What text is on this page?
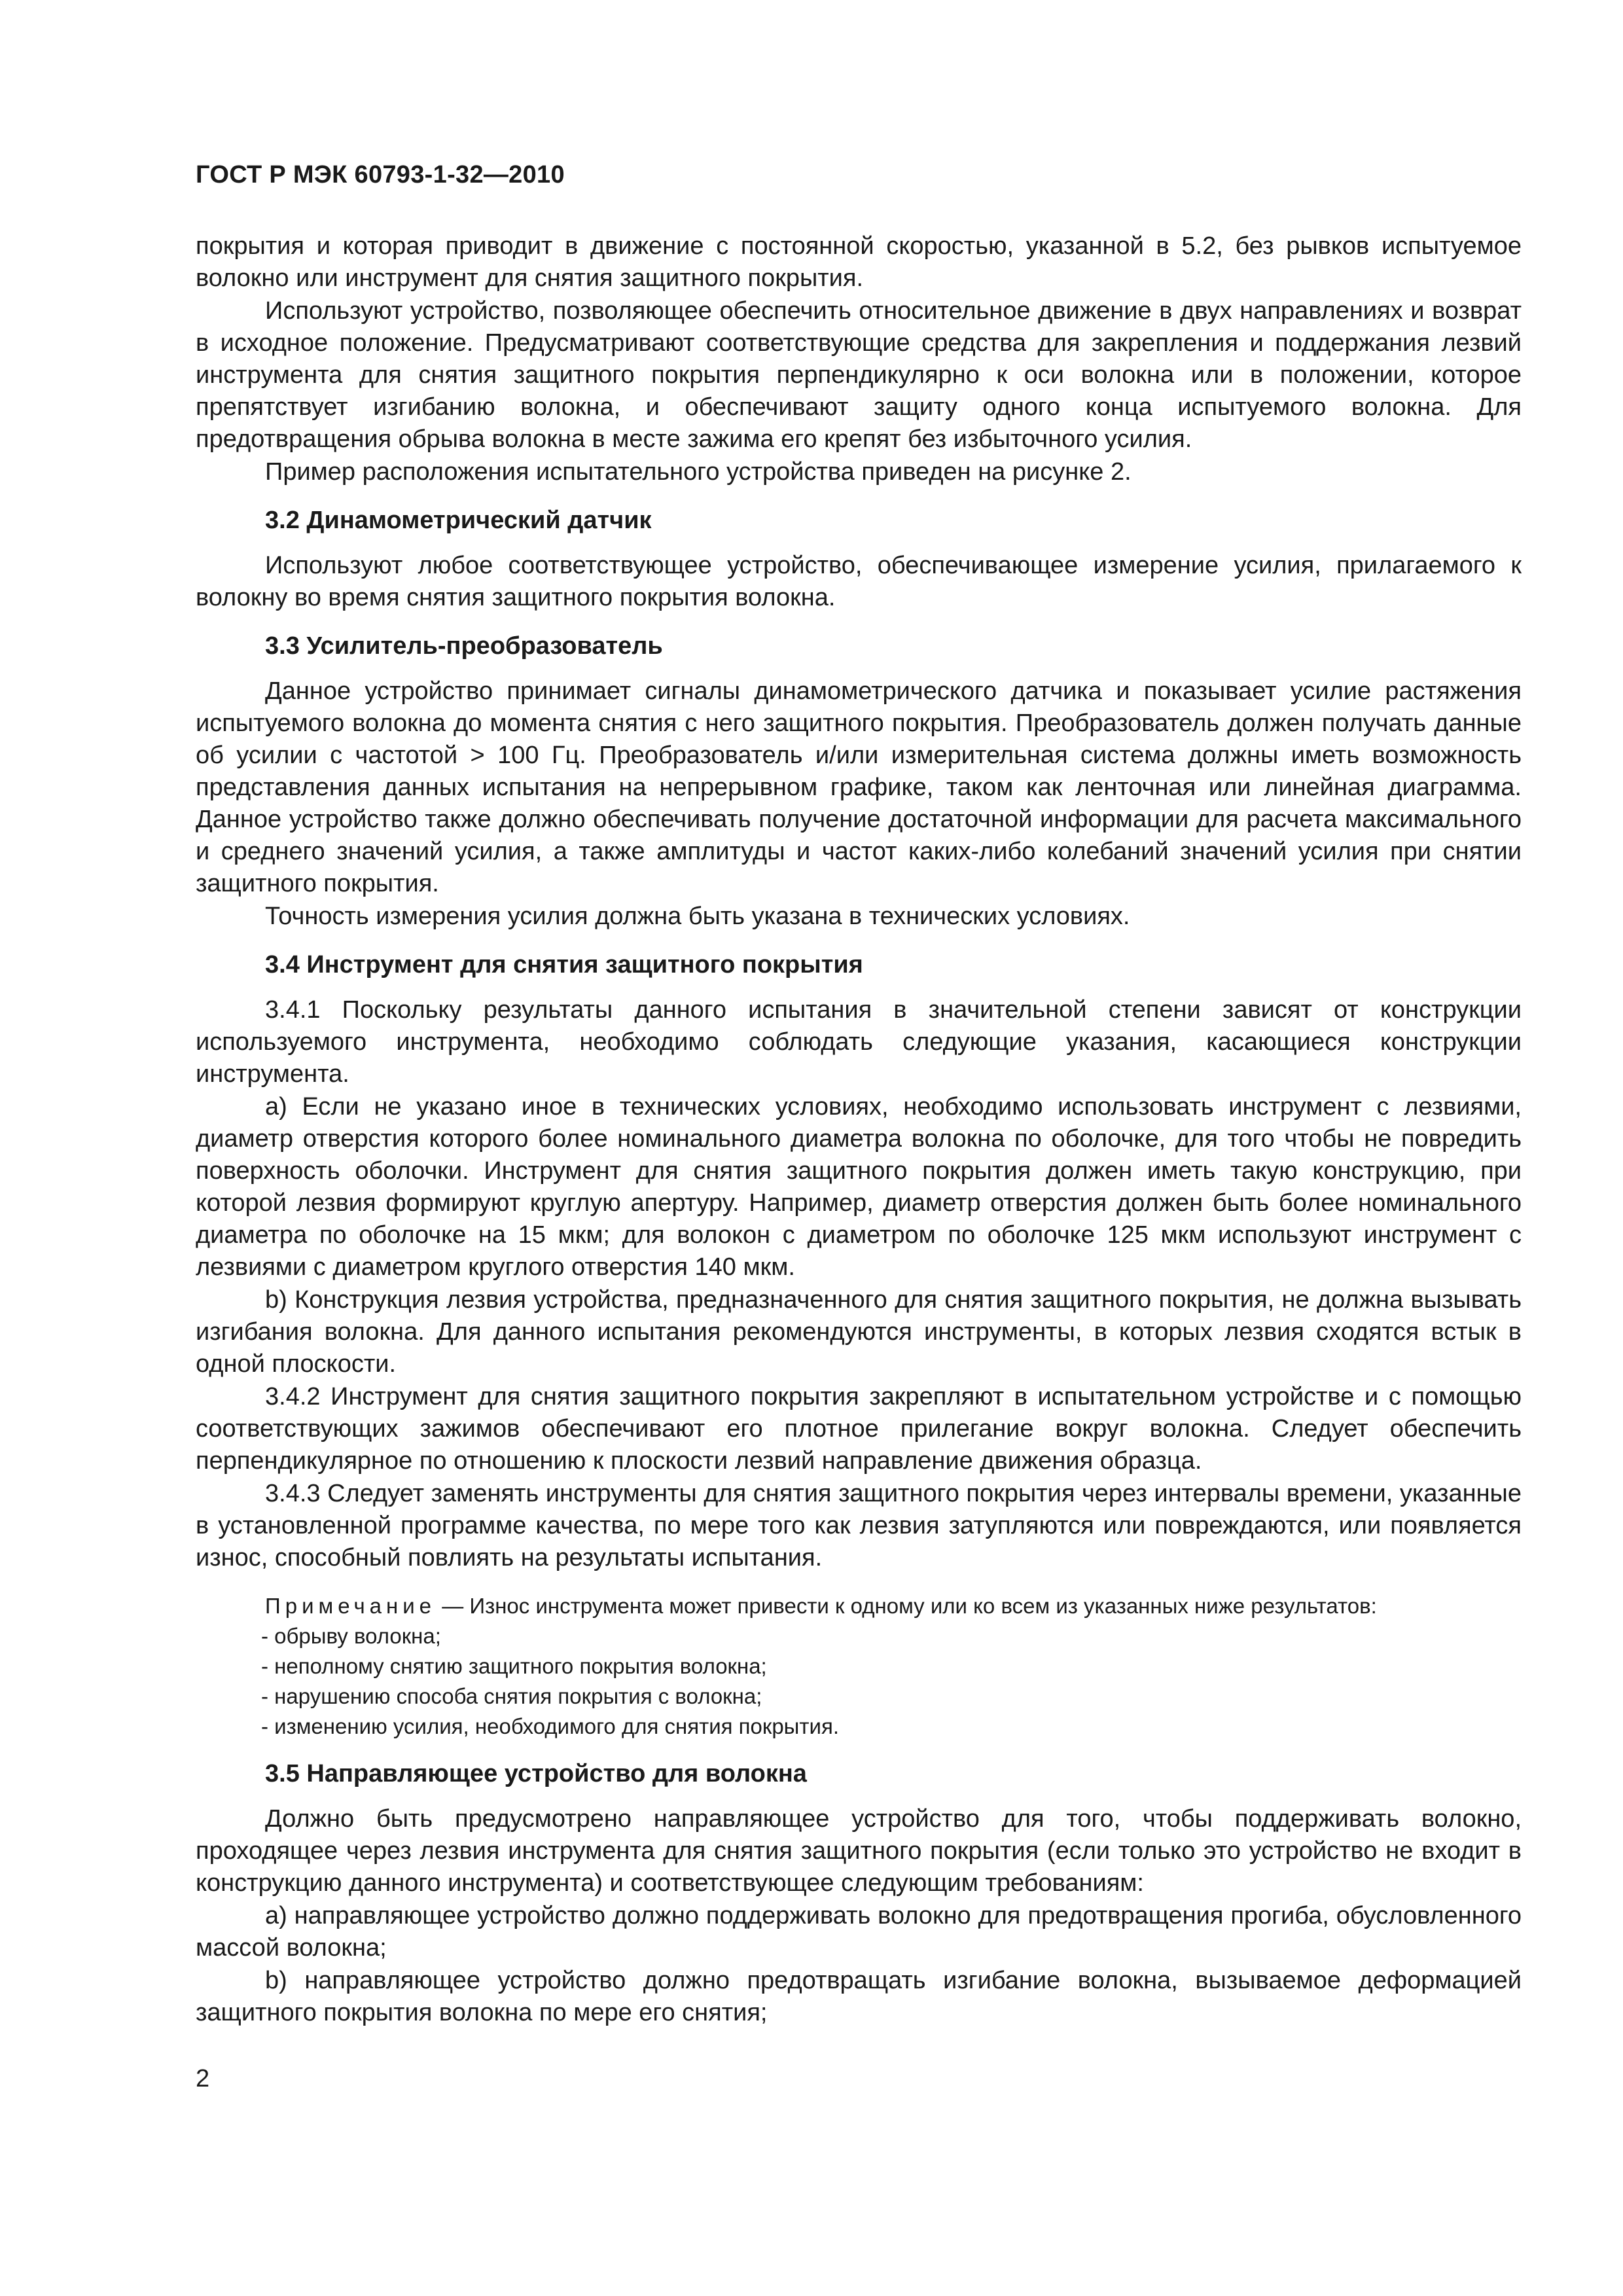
ГОСТ Р МЭК 60793-1-32—2010

покрытия и которая приводит в движение с постоянной скоростью, указанной в 5.2, без рывков испытуемое волокно или инструмент для снятия защитного покрытия.

Используют устройство, позволяющее обеспечить относительное движение в двух направлениях и возврат в исходное положение. Предусматривают соответствующие средства для закрепления и поддержания лезвий инструмента для снятия защитного покрытия перпендикулярно к оси волокна или в положении, которое препятствует изгибанию волокна, и обеспечивают защиту одного конца испытуемого волокна. Для предотвращения обрыва волокна в месте зажима его крепят без избыточного усилия.

Пример расположения испытательного устройства приведен на рисунке 2.

3.2 Динамометрический датчик

Используют любое соответствующее устройство, обеспечивающее измерение усилия, прилагаемого к волокну во время снятия защитного покрытия волокна.

3.3 Усилитель-преобразователь

Данное устройство принимает сигналы динамометрического датчика и показывает усилие растяжения испытуемого волокна до момента снятия с него защитного покрытия. Преобразователь должен получать данные об усилии с частотой > 100 Гц. Преобразователь и/или измерительная система должны иметь возможность представления данных испытания на непрерывном графике, таком как ленточная или линейная диаграмма. Данное устройство также должно обеспечивать получение достаточной информации для расчета максимального и среднего значений усилия, а также амплитуды и частот каких-либо колебаний значений усилия при снятии защитного покрытия.

Точность измерения усилия должна быть указана в технических условиях.

3.4 Инструмент для снятия защитного покрытия

3.4.1 Поскольку результаты данного испытания в значительной степени зависят от конструкции используемого инструмента, необходимо соблюдать следующие указания, касающиеся конструкции инструмента.

a) Если не указано иное в технических условиях, необходимо использовать инструмент с лезвиями, диаметр отверстия которого более номинального диаметра волокна по оболочке, для того чтобы не повредить поверхность оболочки. Инструмент для снятия защитного покрытия должен иметь такую конструкцию, при которой лезвия формируют круглую апертуру. Например, диаметр отверстия должен быть более номинального диаметра по оболочке на 15 мкм; для волокон с диаметром по оболочке 125 мкм используют инструмент с лезвиями с диаметром круглого отверстия 140 мкм.

b) Конструкция лезвия устройства, предназначенного для снятия защитного покрытия, не должна вызывать изгибания волокна. Для данного испытания рекомендуются инструменты, в которых лезвия сходятся встык в одной плоскости.

3.4.2 Инструмент для снятия защитного покрытия закрепляют в испытательном устройстве и с помощью соответствующих зажимов обеспечивают его плотное прилегание вокруг волокна. Следует обеспечить перпендикулярное по отношению к плоскости лезвий направление движения образца.

3.4.3 Следует заменять инструменты для снятия защитного покрытия через интервалы времени, указанные в установленной программе качества, по мере того как лезвия затупляются или повреждаются, или появляется износ, способный повлиять на результаты испытания.

Примечание — Износ инструмента может привести к одному или ко всем из указанных ниже результатов:
- обрыву волокна;
- неполному снятию защитного покрытия волокна;
- нарушению способа снятия покрытия с волокна;
- изменению усилия, необходимого для снятия покрытия.
3.5 Направляющее устройство для волокна

Должно быть предусмотрено направляющее устройство для того, чтобы поддерживать волокно, проходящее через лезвия инструмента для снятия защитного покрытия (если только это устройство не входит в конструкцию данного инструмента) и соответствующее следующим требованиям:

a) направляющее устройство должно поддерживать волокно для предотвращения прогиба, обусловленного массой волокна;

b) направляющее устройство должно предотвращать изгибание волокна, вызываемое деформацией защитного покрытия волокна по мере его снятия;

2
